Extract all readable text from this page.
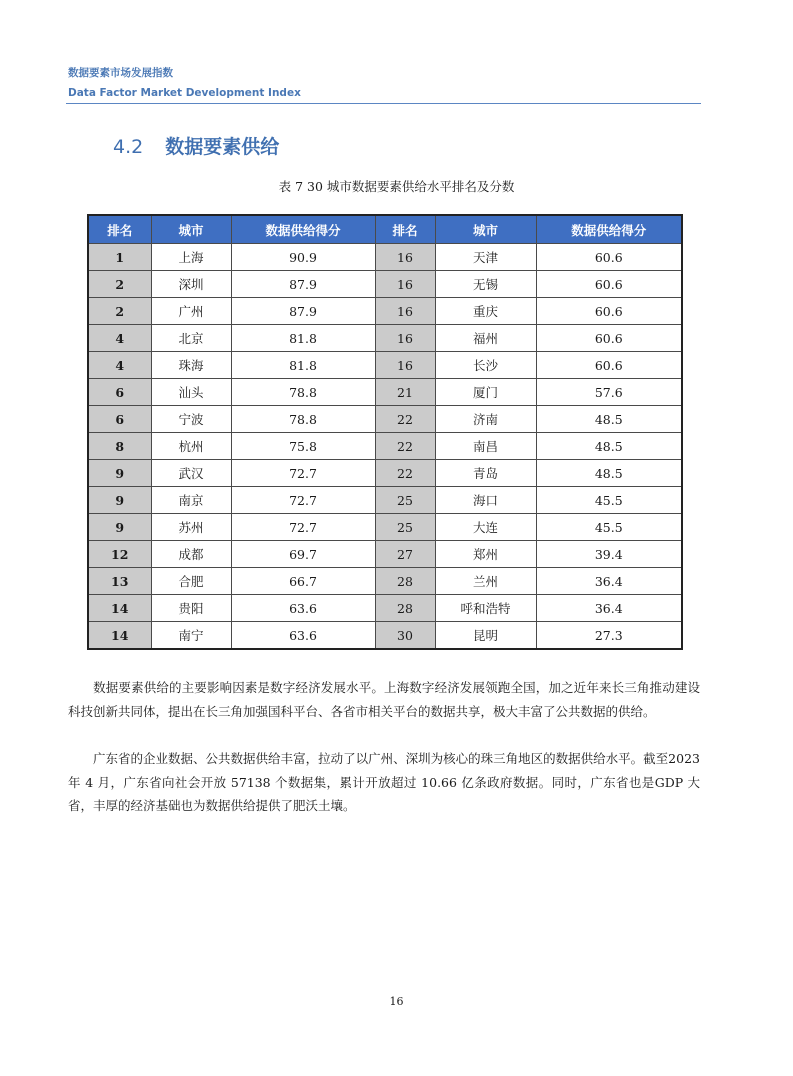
数据要素市场发展指数
Data Factor Market Development Index
4.2 数据要素供给
表 7 30 城市数据要素供给水平排名及分数
排名	城市	数据供给得分	排名	城市	数据供给得分
1	上海	90.9	16	天津	60.6
2	深圳	87.9	16	无锡	60.6
2	广州	87.9	16	重庆	60.6
4	北京	81.8	16	福州	60.6
4	珠海	81.8	16	长沙	60.6
6	汕头	78.8	21	厦门	57.6
6	宁波	78.8	22	济南	48.5
8	杭州	75.8	22	南昌	48.5
9	武汉	72.7	22	青岛	48.5
9	南京	72.7	25	海口	45.5
9	苏州	72.7	25	大连	45.5
12	成都	69.7	27	郑州	39.4
13	合肥	66.7	28	兰州	36.4
14	贵阳	63.6	28	呼和浩特	36.4
14	南宁	63.6	30	昆明	27.3
数据要素供给的主要影响因素是数字经济发展水平。上海数字经济发展领跑全国，加之近年来长三角推动建设科技创新共同体，提出在长三角加强国科平台、各省市相关平台的数据共享，极大丰富了公共数据的供给。
广东省的企业数据、公共数据供给丰富，拉动了以广州、深圳为核心的珠三角地区的数据供给水平。截至2023 年 4 月，广东省向社会开放 57138 个数据集，累计开放超过 10.66 亿条政府数据。同时，广东省也是GDP 大省，丰厚的经济基础也为数据供给提供了肥沃土壤。
16
